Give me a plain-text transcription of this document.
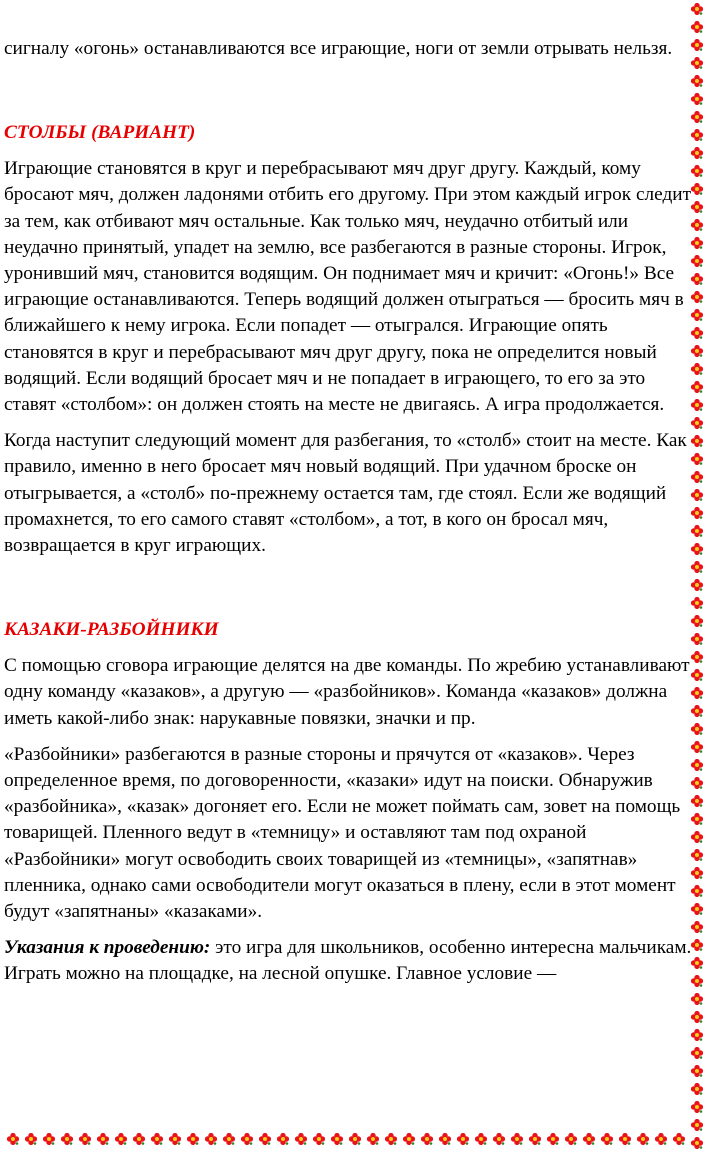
сигналу «огонь» останавливаются все играющие, ноги от земли отрывать нельзя.

СТОЛБЫ (ВАРИАНТ)

Играющие становятся в круг и перебрасывают мяч друг другу. Каждый, кому бросают мяч, должен ладонями отбить его другому. При этом каждый игрок следит за тем, как отбивают мяч остальные. Как только мяч, неудачно отбитый или неудачно принятый, упадет на землю, все разбегаются в разные стороны. Игрок, уронивший мяч, становится водящим. Он поднимает мяч и кричит: «Огонь!» Все играющие останавливаются. Теперь водящий должен отыграться — бросить мяч в ближайшего к нему игрока. Если попадет — отыгрался. Играющие опять становятся в круг и перебрасывают мяч друг другу, пока не определится новый водящий. Если водящий бросает мяч и не попадает в играющего, то его за это ставят «столбом»: он должен стоять на месте не двигаясь. А игра продолжается.

Когда наступит следующий момент для разбегания, то «столб» стоит на месте. Как правило, именно в него бросает мяч новый водящий. При удачном броске он отыгрывается, а «столб» по-прежнему остается там, где стоял. Если же водящий промахнется, то его самого ставят «столбом», а тот, в кого он бросал мяч, возвращается в круг играющих.

КАЗАКИ-РАЗБОЙНИКИ

С помощью сговора играющие делятся на две команды. По жребию устанавливают одну команду «казаков», а другую — «разбойников». Команда «казаков» должна иметь какой-либо знак: нарукавные повязки, значки и пр.

«Разбойники» разбегаются в разные стороны и прячутся от «казаков». Через определенное время, по договоренности, «казаки» идут на поиски. Обнаружив «разбойника», «казак» догоняет его. Если не может поймать сам, зовет на помощь товарищей. Пленного ведут в «темницу» и оставляют там под охраной «Разбойники» могут освободить своих товарищей из «темницы», «запятнав» пленника, однако сами освободители могут оказаться в плену, если в этот момент будут «запятнаны» «казаками».

Указания к проведению: это игра для школьников, особенно интересна мальчикам. Играть можно на площадке, на лесной опушке. Главное условие —
